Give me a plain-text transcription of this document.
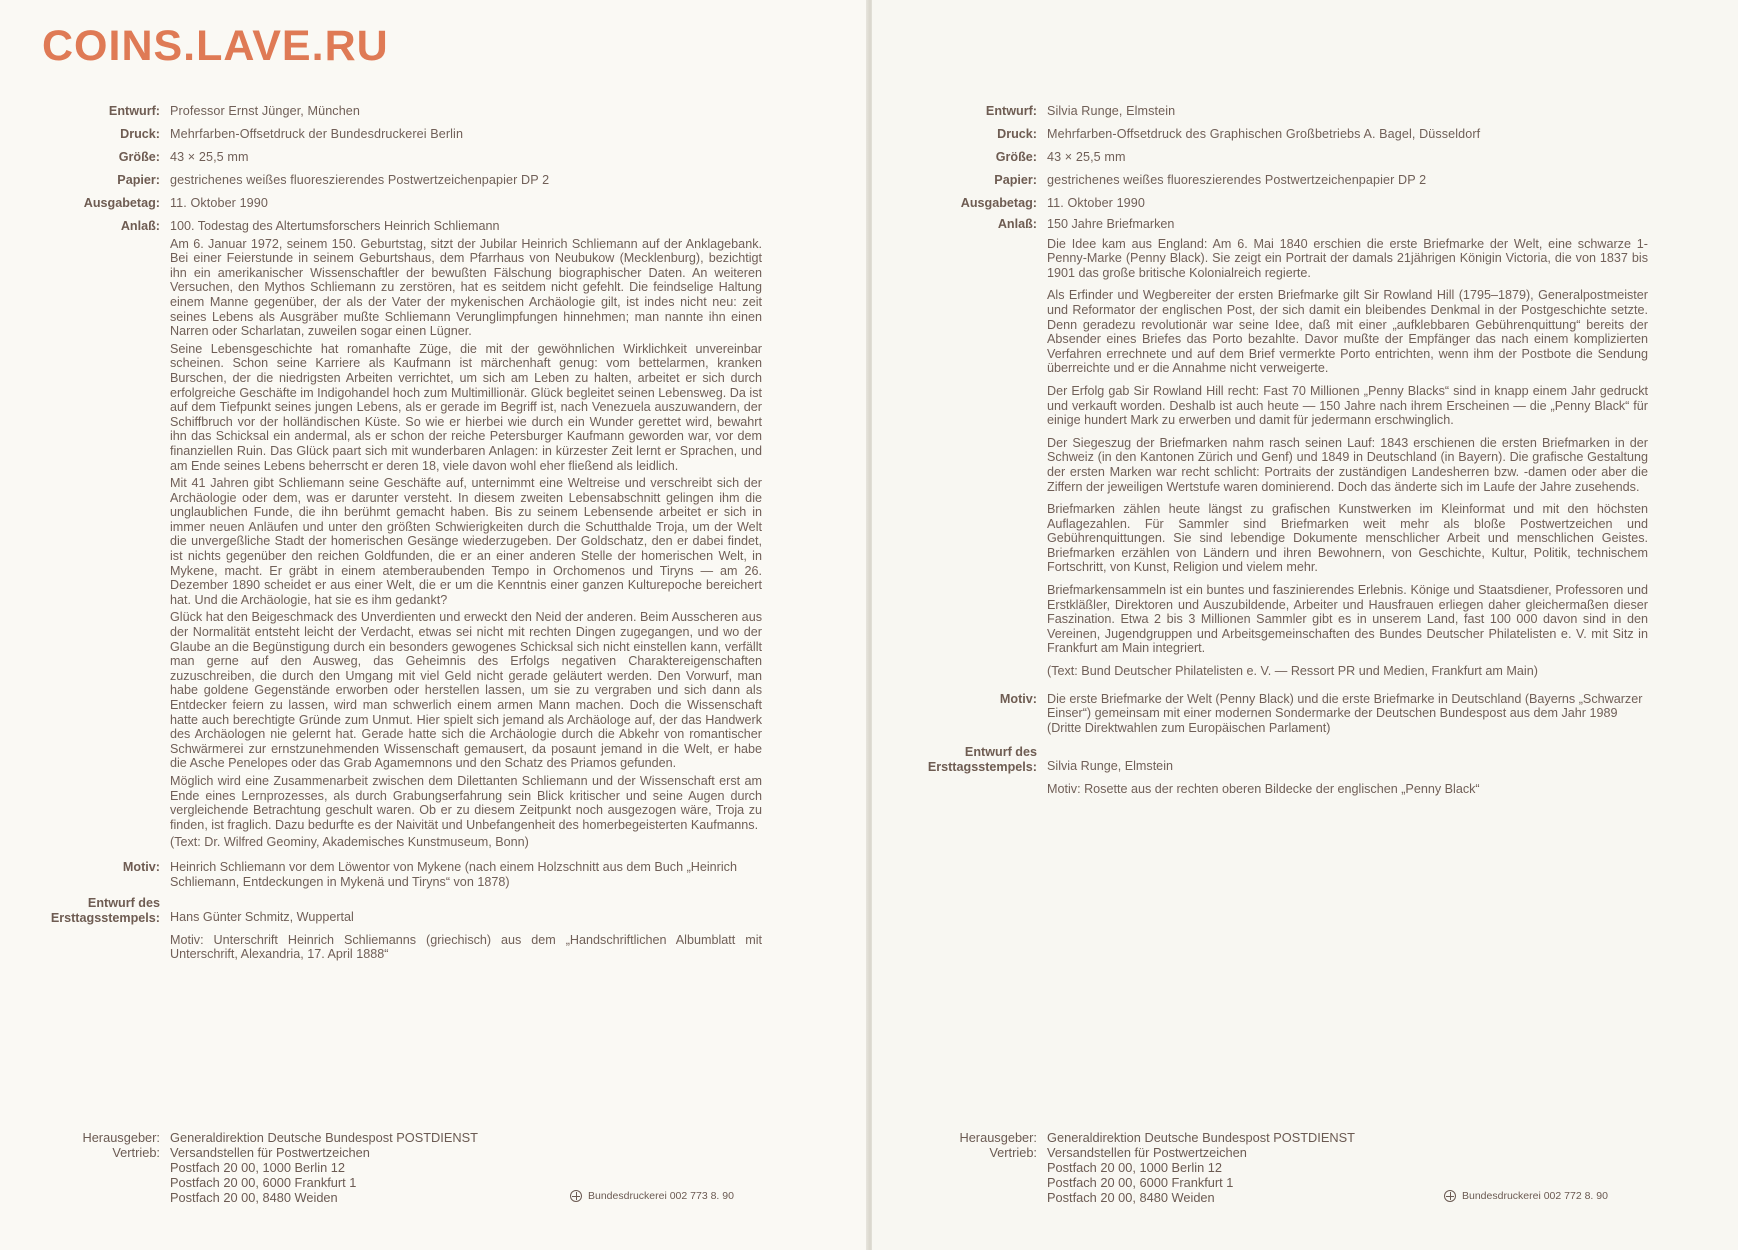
COINS.LAVE.RU
Entwurf: Professor Ernst Jünger, München
Druck: Mehrfarben-Offsetdruck der Bundesdruckerei Berlin
Größe: 43 × 25,5 mm
Papier: gestrichenes weißes fluoreszierendes Postwertzeichenpapier DP 2
Ausgabetag: 11. Oktober 1990
Anlaß: 100. Todestag des Altertumsforschers Heinrich Schliemann

Am 6. Januar 1972, seinem 150. Geburtstag, sitzt der Jubilar Heinrich Schliemann auf der Anklagebank. Bei einer Feierstunde in seinem Geburtshaus, dem Pfarrhaus von Neubukow (Mecklenburg), bezichtigt ihn ein amerikanischer Wissenschaftler der bewußten Fälschung biographischer Daten. An weiteren Versuchen, den Mythos Schliemann zu zerstören, hat es seitdem nicht gefehlt. Die feindselige Haltung einem Manne gegenüber, der als der Vater der mykenischen Archäologie gilt, ist indes nicht neu: zeit seines Lebens als Ausgräber mußte Schliemann Verunglimpfungen hinnehmen; man nannte ihn einen Narren oder Scharlatan, zuweilen sogar einen Lügner.

Seine Lebensgeschichte hat romanhafte Züge, die mit der gewöhnlichen Wirklichkeit unvereinbar scheinen. Schon seine Karriere als Kaufmann ist märchenhaft genug: vom bettelarmen, kranken Burschen, der die niedrigsten Arbeiten verrichtet, um sich am Leben zu halten, arbeitet er sich durch erfolgreiche Geschäfte im Indigohandel hoch zum Multimillionär. Glück begleitet seinen Lebensweg. Da ist auf dem Tiefpunkt seines jungen Lebens, als er gerade im Begriff ist, nach Venezuela auszuwandern, der Schiffbruch vor der holländischen Küste. So wie er hierbei wie durch ein Wunder gerettet wird, bewahrt ihn das Schicksal ein andermal, als er schon der reiche Petersburger Kaufmann geworden war, vor dem finanziellen Ruin. Das Glück paart sich mit wunderbaren Anlagen: in kürzester Zeit lernt er Sprachen, und am Ende seines Lebens beherrscht er deren 18, viele davon wohl eher fließend als leidlich.

Mit 41 Jahren gibt Schliemann seine Geschäfte auf, unternimmt eine Weltreise und verschreibt sich der Archäologie oder dem, was er darunter versteht. In diesem zweiten Lebensabschnitt gelingen ihm die unglaublichen Funde, die ihn berühmt gemacht haben. Bis zu seinem Lebensende arbeitet er sich in immer neuen Anläufen und unter den größten Schwierigkeiten durch die Schutthalde Troja, um der Welt die unvergeßliche Stadt der homerischen Gesänge wiederzugeben. Der Goldschatz, den er dabei findet, ist nichts gegenüber den reichen Goldfunden, die er an einer anderen Stelle der homerischen Welt, in Mykene, macht. Er gräbt in einem atemberaubenden Tempo in Orchomenos und Tiryns — am 26. Dezember 1890 scheidet er aus einer Welt, die er um die Kenntnis einer ganzen Kulturepoche bereichert hat. Und die Archäologie, hat sie es ihm gedankt?

Glück hat den Beigeschmack des Unverdienten und erweckt den Neid der anderen. Beim Ausscheren aus der Normalität entsteht leicht der Verdacht, etwas sei nicht mit rechten Dingen zugegangen, und wo der Glaube an die Begünstigung durch ein besonders gewogenes Schicksal sich nicht einstellen kann, verfällt man gerne auf den Ausweg, das Geheimnis des Erfolgs negativen Charaktereigenschaften zuzuschreiben, die durch den Umgang mit viel Geld nicht gerade geläutert werden. Den Vorwurf, man habe goldene Gegenstände erworben oder herstellen lassen, um sie zu vergraben und sich dann als Entdecker feiern zu lassen, wird man schwerlich einem armen Mann machen. Doch die Wissenschaft hatte auch berechtigte Gründe zum Unmut. Hier spielt sich jemand als Archäologe auf, der das Handwerk des Archäologen nie gelernt hat. Gerade hatte sich die Archäologie durch die Abkehr von romantischer Schwärmerei zur ernstzunehmenden Wissenschaft gemausert, da posaunt jemand in die Welt, er habe die Asche Penelopes oder das Grab Agamemnons und den Schatz des Priamos gefunden.

Möglich wird eine Zusammenarbeit zwischen dem Dilettanten Schliemann und der Wissenschaft erst am Ende eines Lernprozesses, als durch Grabungserfahrung sein Blick kritischer und seine Augen durch vergleichende Betrachtung geschult waren. Ob er zu diesem Zeitpunkt noch ausgezogen wäre, Troja zu finden, ist fraglich. Dazu bedurfte es der Naivität und Unbefangenheit des homerbegeisterten Kaufmanns.

(Text: Dr. Wilfred Geominy, Akademisches Kunstmuseum, Bonn)

Motiv: Heinrich Schliemann vor dem Löwentor von Mykene (nach einem Holzschnitt aus dem Buch „Heinrich Schliemann, Entdeckungen in Mykenä und Tiryns“ von 1878)
Entwurf des
Ersttagsstempels: Hans Günter Schmitz, Wuppertal

Motiv: Unterschrift Heinrich Schliemanns (griechisch) aus dem „Handschriftlichen Albumblatt mit Unterschrift, Alexandria, 17. April 1888“

Herausgeber: Generaldirektion Deutsche Bundespost POSTDIENST
Vertrieb: Versandstellen für Postwertzeichen
Postfach 20 00, 1000 Berlin 12
Postfach 20 00, 6000 Frankfurt 1
Postfach 20 00, 8480 Weiden	Bundesdruckerei 002 773 8. 90
Entwurf: Silvia Runge, Elmstein
Druck: Mehrfarben-Offsetdruck des Graphischen Großbetriebs A. Bagel, Düsseldorf
Größe: 43 × 25,5 mm
Papier: gestrichenes weißes fluoreszierendes Postwertzeichenpapier DP 2
Ausgabetag: 11. Oktober 1990
Anlaß: 150 Jahre Briefmarken

Die Idee kam aus England: Am 6. Mai 1840 erschien die erste Briefmarke der Welt, eine schwarze 1-Penny-Marke (Penny Black). Sie zeigt ein Portrait der damals 21jährigen Königin Victoria, die von 1837 bis 1901 das große britische Kolonialreich regierte.

Als Erfinder und Wegbereiter der ersten Briefmarke gilt Sir Rowland Hill (1795–1879), Generalpostmeister und Reformator der englischen Post, der sich damit ein bleibendes Denkmal in der Postgeschichte setzte. Denn geradezu revolutionär war seine Idee, daß mit einer „aufklebbaren Gebührenquittung“ bereits der Absender eines Briefes das Porto bezahlte. Davor mußte der Empfänger das nach einem komplizierten Verfahren errechnete und auf dem Brief vermerkte Porto entrichten, wenn ihm der Postbote die Sendung überreichte und er die Annahme nicht verweigerte.

Der Erfolg gab Sir Rowland Hill recht: Fast 70 Millionen „Penny Blacks“ sind in knapp einem Jahr gedruckt und verkauft worden. Deshalb ist auch heute — 150 Jahre nach ihrem Erscheinen — die „Penny Black“ für einige hundert Mark zu erwerben und damit für jedermann erschwinglich.

Der Siegeszug der Briefmarken nahm rasch seinen Lauf: 1843 erschienen die ersten Briefmarken in der Schweiz (in den Kantonen Zürich und Genf) und 1849 in Deutschland (in Bayern). Die grafische Gestaltung der ersten Marken war recht schlicht: Portraits der zuständigen Landesherren bzw. -damen oder aber die Ziffern der jeweiligen Wertstufe waren dominierend. Doch das änderte sich im Laufe der Jahre zusehends.

Briefmarken zählen heute längst zu grafischen Kunstwerken im Kleinformat und mit den höchsten Auflagezahlen. Für Sammler sind Briefmarken weit mehr als bloße Postwertzeichen und Gebührenquittungen. Sie sind lebendige Dokumente menschlicher Arbeit und menschlichen Geistes. Briefmarken erzählen von Ländern und ihren Bewohnern, von Geschichte, Kultur, Politik, technischem Fortschritt, von Kunst, Religion und vielem mehr.

Briefmarkensammeln ist ein buntes und faszinierendes Erlebnis. Könige und Staatsdiener, Professoren und Erstkläßler, Direktoren und Auszubildende, Arbeiter und Hausfrauen erliegen daher gleichermaßen dieser Faszination. Etwa 2 bis 3 Millionen Sammler gibt es in unserem Land, fast 100 000 davon sind in den Vereinen, Jugendgruppen und Arbeitsgemeinschaften des Bundes Deutscher Philatelisten e. V. mit Sitz in Frankfurt am Main integriert.

(Text: Bund Deutscher Philatelisten e. V. — Ressort PR und Medien, Frankfurt am Main)

Motiv: Die erste Briefmarke der Welt (Penny Black) und die erste Briefmarke in Deutschland (Bayerns „Schwarzer Einser“) gemeinsam mit einer modernen Sondermarke der Deutschen Bundespost aus dem Jahr 1989 (Dritte Direktwahlen zum Europäischen Parlament)
Entwurf des
Ersttagsstempels: Silvia Runge, Elmstein

Motiv: Rosette aus der rechten oberen Bildecke der englischen „Penny Black“

Herausgeber: Generaldirektion Deutsche Bundespost POSTDIENST
Vertrieb: Versandstellen für Postwertzeichen
Postfach 20 00, 1000 Berlin 12
Postfach 20 00, 6000 Frankfurt 1
Postfach 20 00, 8480 Weiden	Bundesdruckerei 002 772 8. 90
